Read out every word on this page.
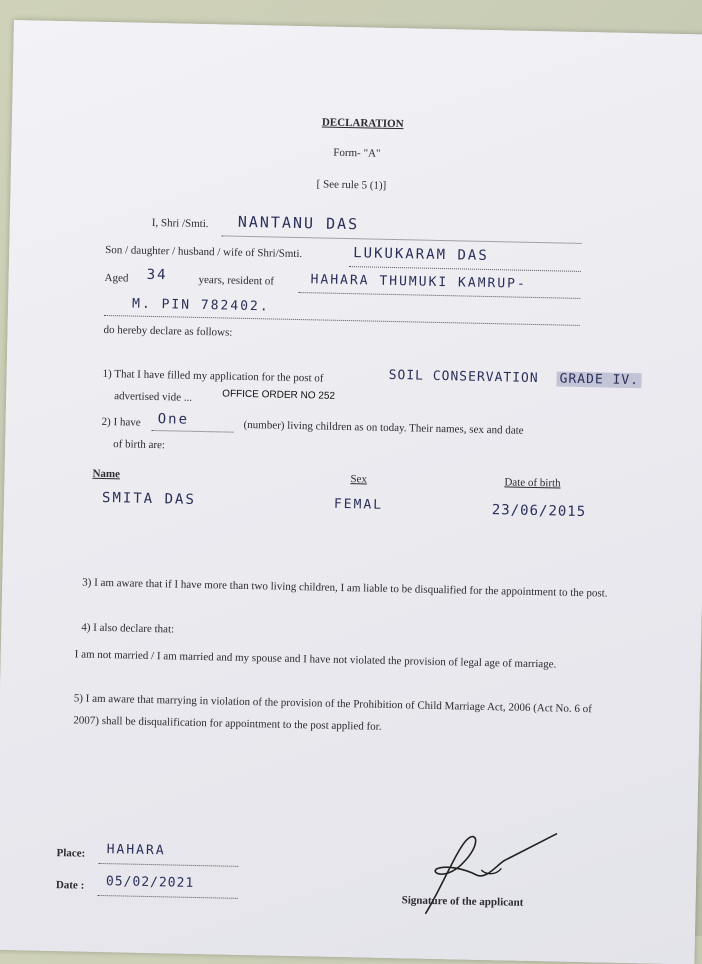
DECLARATION
Form- "A"
[ See rule 5 (1)]
I, Shri /Smti. NANTANU DAS
Son / daughter / husband / wife of Shri/Smti.	LUKUKARAM DAS
Aged 34	years, resident of	HAHARA THUMUKI KAMRUP-
M. PIN 782402.
do hereby declare as follows:
1) That I have filled my application for the post of	SOIL CONSERVATION GRADE IV.
advertised vide ...	OFFICE ORDER NO 252
2) I have One	(number) living children as on today. Their names, sex and date
of birth are:
Name	Sex	Date of birth
SMITA DAS	FEMAL	23/06/2015
3) I am aware that if I have more than two living children, I am liable to be disqualified for the appointment to the post.
4) I also declare that:
I am not married / I am married and my spouse and I have not violated the provision of legal age of marriage.
5) I am aware that marrying in violation of the provision of the Prohibition of Child Marriage Act, 2006 (Act No. 6 of 2007) shall be disqualification for appointment to the post applied for.
Place: HAHARA
Date : 05/02/2021
Signature of the applicant
